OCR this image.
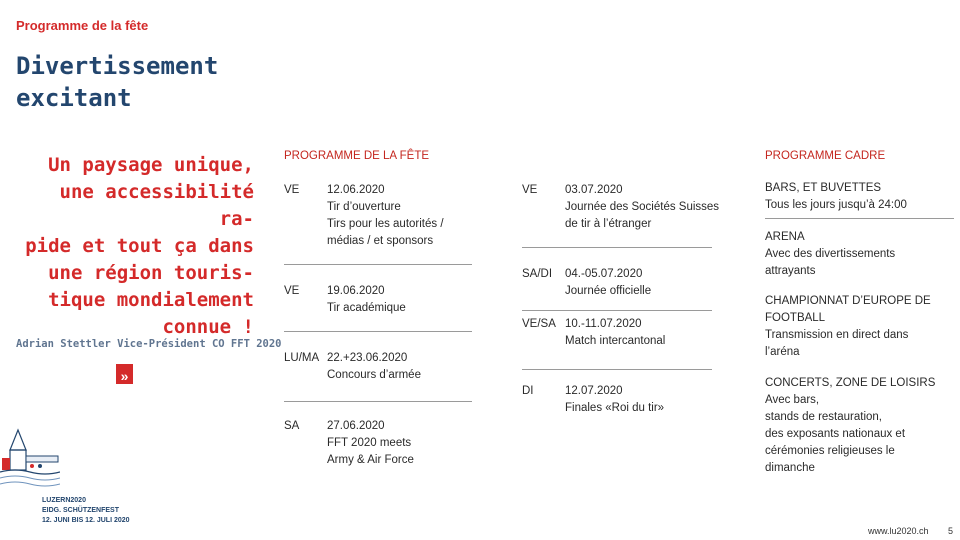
Programme de la fête
Divertissement
excitant
Un paysage unique,
une accessibilité ra-
pide et tout ça dans
une région touris-
tique mondialement
connue !
Adrian Stettler Vice-Président CO FFT 2020
»
LUZERN2020
EIDG. SCHÜTZENFEST
12. JUNI BIS 12. JULI 2020
PROGRAMME DE LA FÊTE
VE 12.06.2020
Tir d’ouverture
Tirs pour les autorités /
médias / et sponsors
VE 19.06.2020
Tir académique
LU/MA 22.+23.06.2020
Concours d’armée
SA 27.06.2020
FFT 2020 meets
Army & Air Force
VE 03.07.2020
Journée des Sociétés Suisses
de tir à l’étranger
SA/DI 04.-05.07.2020
Journée officielle
VE/SA 10.-11.07.2020
Match intercantonal
DI	12.07.2020
Finales «Roi du tir»
PROGRAMME CADRE
BARS, ET BUVETTES
Tous les jours jusqu’à 24:00
ARENA
Avec des divertissements
attrayants
CHAMPIONNAT D’EUROPE DE
FOOTBALL
Transmission en direct dans
l’aréna
CONCERTS, ZONE DE LOISIRS
Avec bars,
stands de restauration,
des exposants nationaux et
cérémonies religieuses le
dimanche
www.lu2020.ch 5
